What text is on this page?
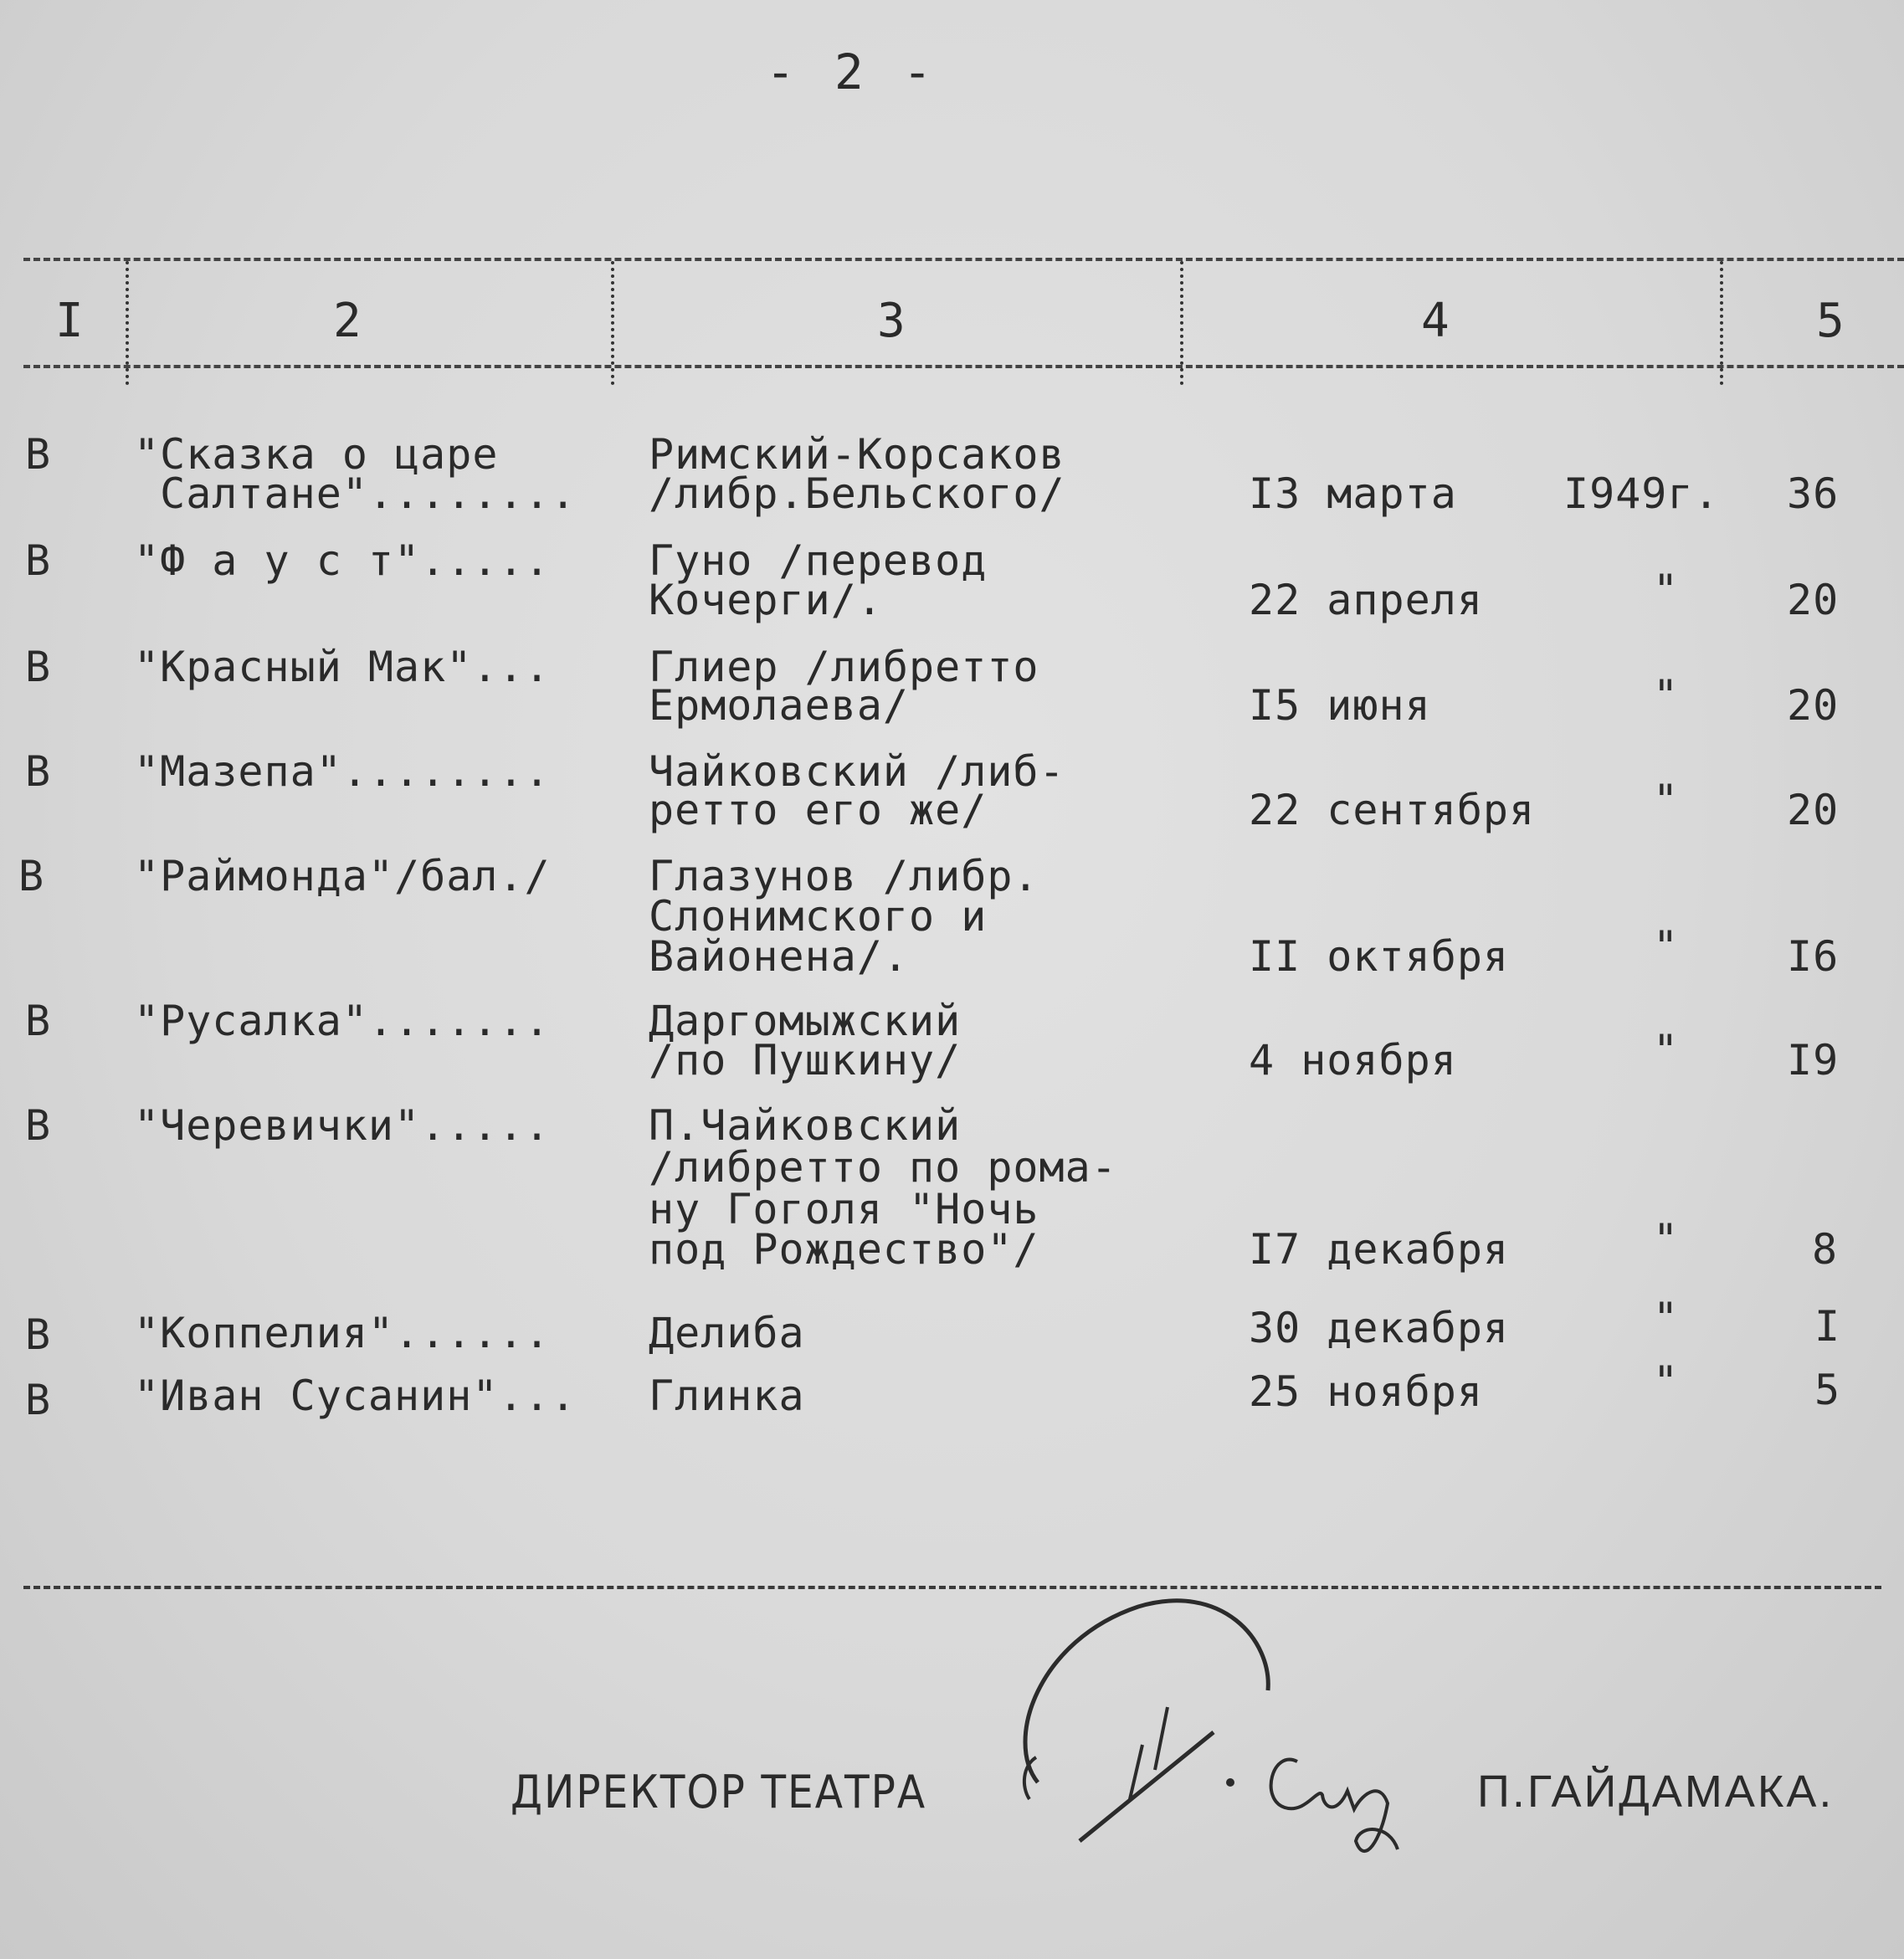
- 2 -
I	2	3	4	5
В "Сказка о царе
Салтане"........
Римский-Корсаков
/либр.Бельского/	I3 марта	I949г. 36
В "Ф а у с т"..... Гуно /перевод
Кочерги/.	22 апреля	"	20
В "Красный Мак"... Глиер /либретто
Ермолаева/	I5 июня	"	20
В "Мазепа"........ Чайковский /либ-
ретто его же/	22 сентября	"	20
В "Раймонда"/бал./ Глазунов /либр.
Слонимского и
Вайонена/.	II октября	"	I6
В "Русалка"....... Даргомыжский
/по Пушкину/	4 ноября	"	I9
В "Черевички"..... П.Чайковский
/либретто по рома-
ну Гоголя "Ночь
под Рождество"/	I7 декабря	"	8
В "Коппелия"...... Делиба	30 декабря	"	I
В "Иван Сусанин"... Глинка	25 ноября	"	5
ДИРЕКТОР ТЕАТРА	П.ГАЙДАМАКА.
